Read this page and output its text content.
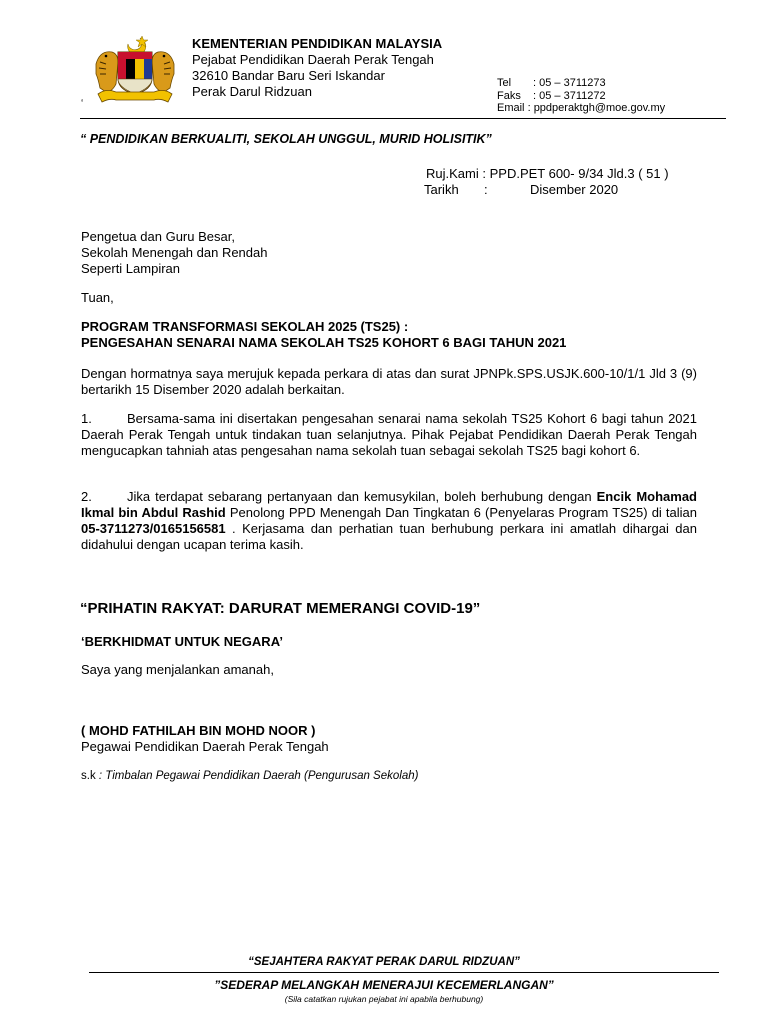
KEMENTERIAN PENDIDIKAN MALAYSIA
Pejabat Pendidikan Daerah Perak Tengah
32610 Bandar Baru Seri Iskandar
Perak Darul Ridzuan
Tel : 05 – 3711273
Faks : 05 – 3711272
Email : ppdperaktgh@moe.gov.my
‘
“ PENDIDIKAN BERKUALITI, SEKOLAH UNGGUL, MURID HOLISITIK”
Ruj.Kami : PPD.PET 600- 9/34 Jld.3 ( 51 )
Tarikh :	Disember 2020
Pengetua dan Guru Besar,
Sekolah Menengah dan Rendah
Seperti Lampiran
Tuan,
PROGRAM TRANSFORMASI SEKOLAH 2025 (TS25) :
PENGESAHAN SENARAI NAMA SEKOLAH TS25 KOHORT 6 BAGI TAHUN 2021
Dengan hormatnya saya merujuk kepada perkara di atas dan surat JPNPk.SPS.USJK.600-10/1/1 Jld 3 (9) bertarikh 15 Disember 2020 adalah berkaitan.
1.	Bersama-sama ini disertakan pengesahan senarai nama sekolah TS25 Kohort 6 bagi tahun 2021 Daerah Perak Tengah untuk tindakan tuan selanjutnya. Pihak Pejabat Pendidikan Daerah Perak Tengah mengucapkan tahniah atas pengesahan nama sekolah tuan sebagai sekolah TS25 bagi kohort 6.
2.	Jika terdapat sebarang pertanyaan dan kemusykilan, boleh berhubung dengan Encik Mohamad Ikmal bin Abdul Rashid Penolong PPD Menengah Dan Tingkatan 6 (Penyelaras Program TS25) di talian 05-3711273/0165156581 . Kerjasama dan perhatian tuan berhubung perkara ini amatlah dihargai dan didahului dengan ucapan terima kasih.
“PRIHATIN RAKYAT: DARURAT MEMERANGI COVID-19”
‘BERKHIDMAT UNTUK NEGARA’
Saya yang menjalankan amanah,
( MOHD FATHILAH BIN MOHD NOOR )
Pegawai Pendidikan Daerah Perak Tengah
s.k : Timbalan Pegawai Pendidikan Daerah (Pengurusan Sekolah)
“SEJAHTERA RAKYAT PERAK DARUL RIDZUAN”
”SEDERAP MELANGKAH MENERAJUI KECEMERLANGAN”
(Sila catatkan rujukan pejabat ini apabila berhubung)
